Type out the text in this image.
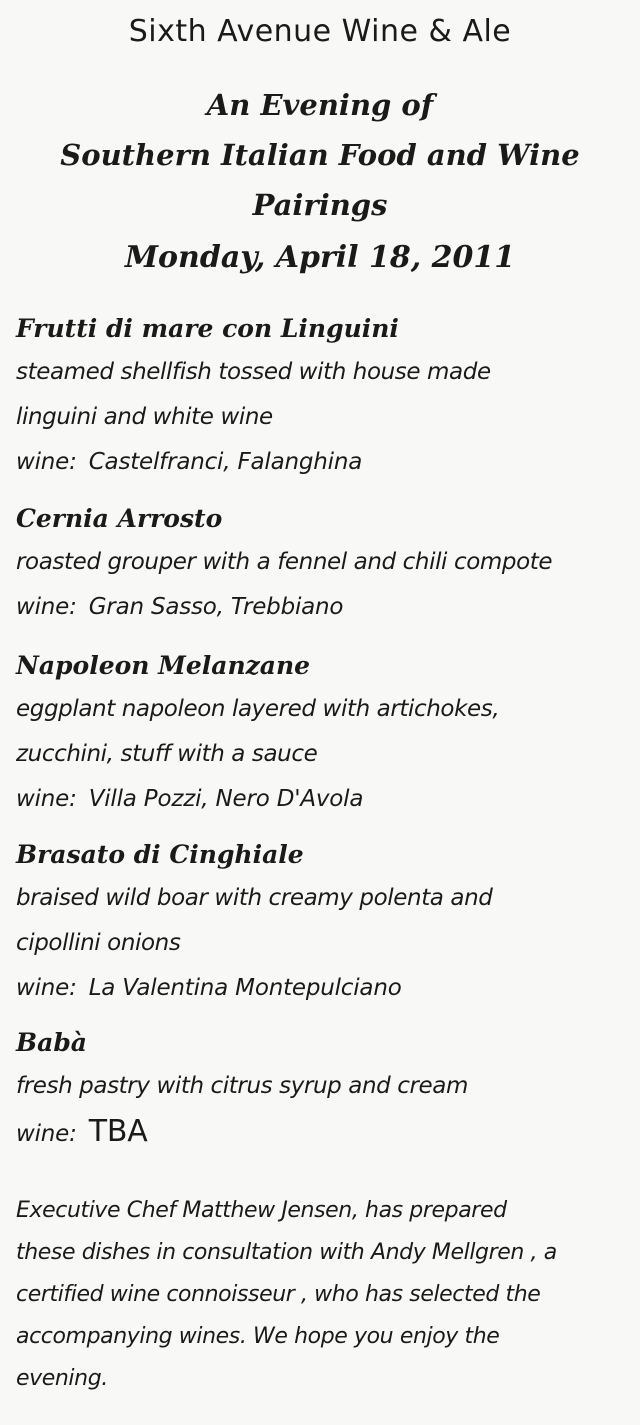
Sixth Avenue Wine & Ale
An Evening of
Southern Italian Food and Wine
Pairings
Monday, April 18, 2011
Frutti di mare con Linguini
steamed shellfish tossed with house made
linguini and white wine
wine: Castelfranci, Falanghina
Cernia Arrosto
roasted grouper with a fennel and chili compote
wine: Gran Sasso, Trebbiano
Napoleon Melanzane
eggplant napoleon layered with artichokes,
zucchini, stuff with a sauce
wine: Villa Pozzi, Nero D'Avola
Brasato di Cinghiale
braised wild boar with creamy polenta and
cipollini onions
wine: La Valentina Montepulciano
Babà
fresh pastry with citrus syrup and cream
wine: TBA
Executive Chef Matthew Jensen, has prepared
these dishes in consultation with Andy Mellgren , a
certified wine connoisseur , who has selected the
accompanying wines. We hope you enjoy the
evening.
